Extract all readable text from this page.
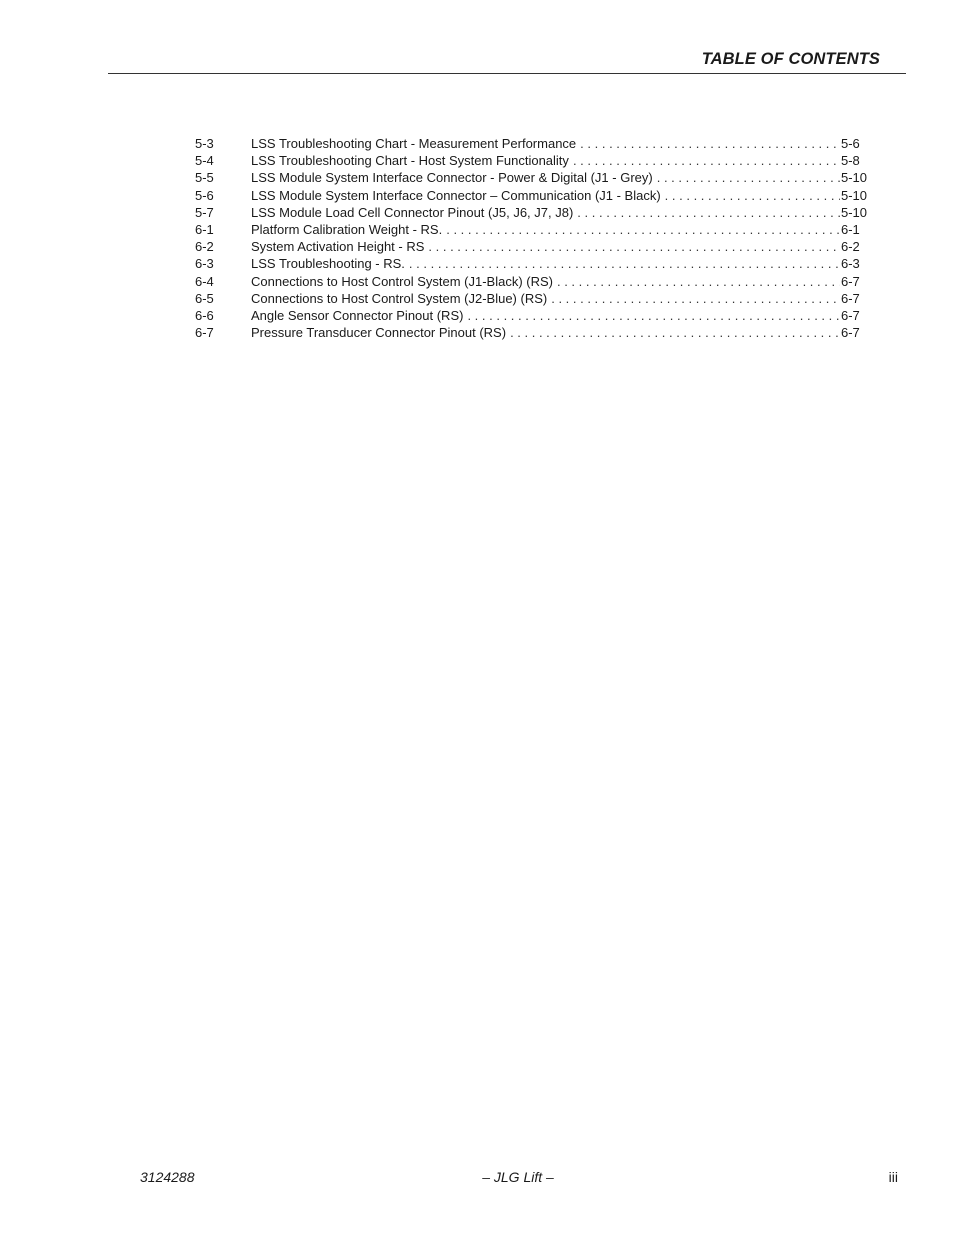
TABLE OF CONTENTS
5-3	LSS Troubleshooting Chart - Measurement Performance . . .	5-6
5-4	LSS Troubleshooting Chart - Host System Functionality . . .	5-8
5-5	LSS Module System Interface Connector - Power & Digital (J1 - Grey) . . .	5-10
5-6	LSS Module System Interface Connector – Communication (J1 - Black) . . .	5-10
5-7	LSS Module Load Cell Connector Pinout (J5, J6, J7, J8) . . .	5-10
6-1	Platform Calibration Weight - RS. . . .	6-1
6-2	System Activation Height - RS . . .	6-2
6-3	LSS Troubleshooting - RS. . . .	6-3
6-4	Connections to Host Control System (J1-Black) (RS) . . .	6-7
6-5	Connections to Host Control System (J2-Blue) (RS) . . .	6-7
6-6	Angle Sensor Connector Pinout (RS) . . .	6-7
6-7	Pressure Transducer Connector Pinout (RS) . . .	6-7
3124288	– JLG Lift –	iii
